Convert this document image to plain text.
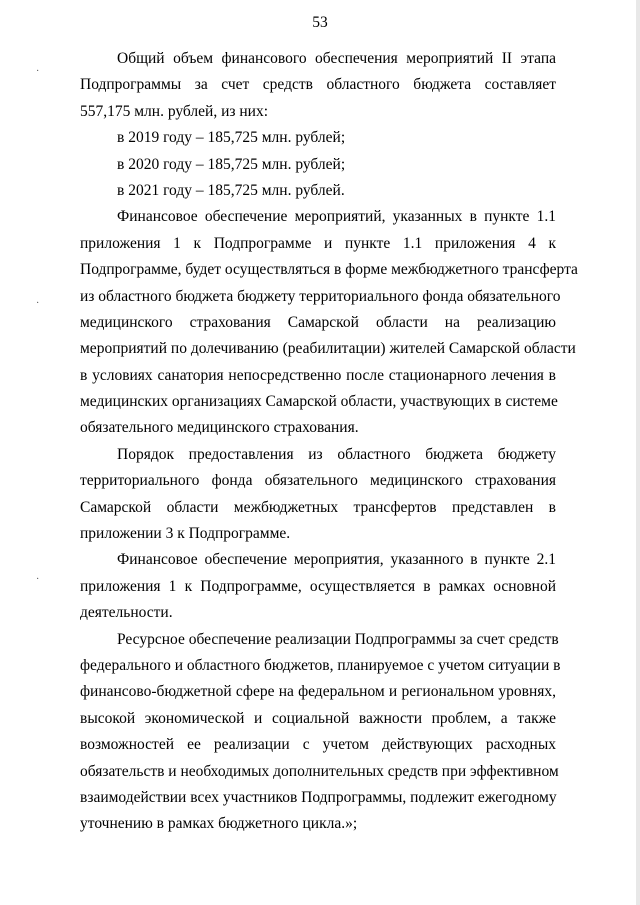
53
·
·
·
Общий объем финансового обеспечения мероприятий II этапа
Подпрограммы за счет средств областного бюджета составляет
557,175 млн. рублей, из них:
в 2019 году – 185,725 млн. рублей;
в 2020 году – 185,725 млн. рублей;
в 2021 году – 185,725 млн. рублей.
Финансовое обеспечение мероприятий, указанных в пункте 1.1
приложения 1 к Подпрограмме и пункте 1.1 приложения 4 к
Подпрограмме, будет осуществляться в форме межбюджетного трансферта
из областного бюджета бюджету территориального фонда обязательного
медицинского страхования Самарской области на реализацию
мероприятий по долечиванию (реабилитации) жителей Самарской области
в условиях санатория непосредственно после стационарного лечения в
медицинских организациях Самарской области, участвующих в системе
обязательного медицинского страхования.
Порядок предоставления из областного бюджета бюджету
территориального фонда обязательного медицинского страхования
Самарской области межбюджетных трансфертов представлен в
приложении 3 к Подпрограмме.
Финансовое обеспечение мероприятия, указанного в пункте 2.1
приложения 1 к Подпрограмме, осуществляется в рамках основной
деятельности.
Ресурсное обеспечение реализации Подпрограммы за счет средств
федерального и областного бюджетов, планируемое с учетом ситуации в
финансово-бюджетной сфере на федеральном и региональном уровнях,
высокой экономической и социальной важности проблем, а также
возможностей ее реализации с учетом действующих расходных
обязательств и необходимых дополнительных средств при эффективном
взаимодействии всех участников Подпрограммы, подлежит ежегодному
уточнению в рамках бюджетного цикла.»;
